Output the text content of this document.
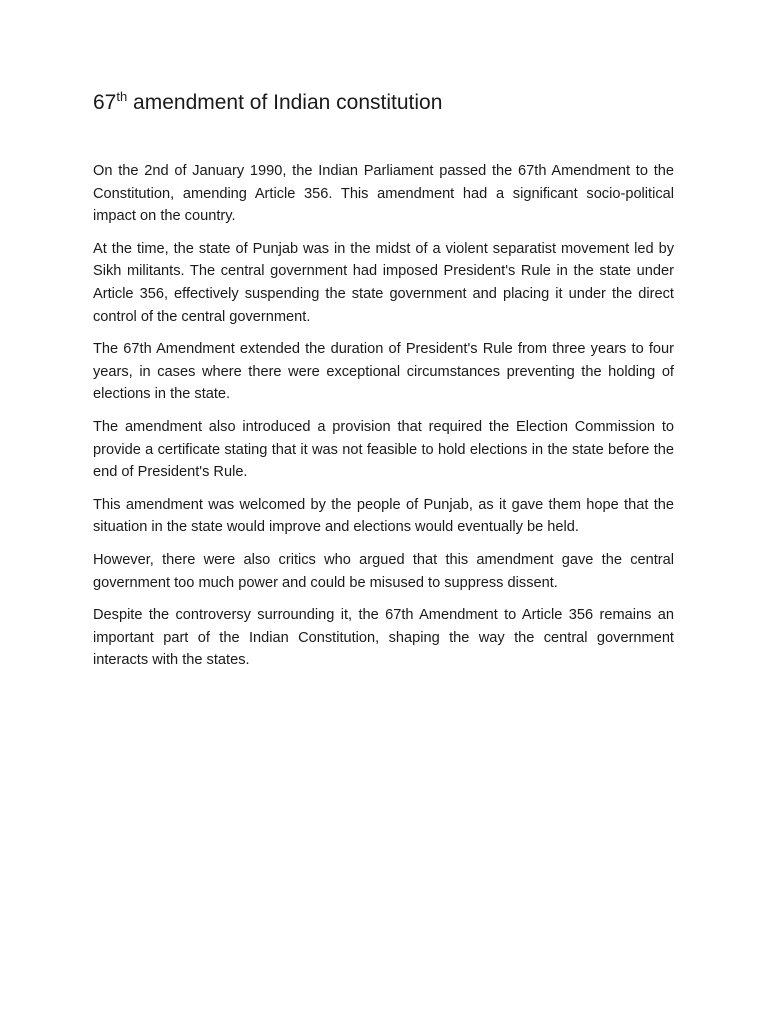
67th amendment of Indian constitution

On the 2nd of January 1990, the Indian Parliament passed the 67th Amendment to the Constitution, amending Article 356. This amendment had a significant socio-political impact on the country.

At the time, the state of Punjab was in the midst of a violent separatist movement led by Sikh militants. The central government had imposed President's Rule in the state under Article 356, effectively suspending the state government and placing it under the direct control of the central government.

The 67th Amendment extended the duration of President's Rule from three years to four years, in cases where there were exceptional circumstances preventing the holding of elections in the state.

The amendment also introduced a provision that required the Election Commission to provide a certificate stating that it was not feasible to hold elections in the state before the end of President's Rule.

This amendment was welcomed by the people of Punjab, as it gave them hope that the situation in the state would improve and elections would eventually be held.

However, there were also critics who argued that this amendment gave the central government too much power and could be misused to suppress dissent.

Despite the controversy surrounding it, the 67th Amendment to Article 356 remains an important part of the Indian Constitution, shaping the way the central government interacts with the states.
